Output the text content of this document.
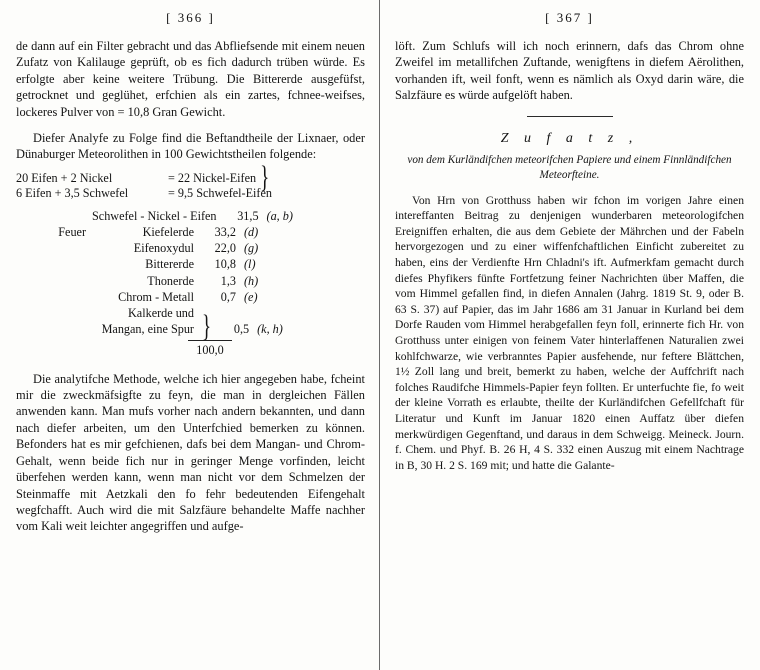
[ 366 ]

de dann auf ein Filter gebracht und das Abfliefsende mit einem neuen Zufatz von Kalilauge geprüft, ob es fich dadurch trüben würde. Es erfolgte aber keine weitere Trübung. Die Bittererde ausgefüfst, getrocknet und geglühet, erfchien als ein zartes, fchnee-weifses, lockeres Pulver von = 10,8 Gran Gewicht.

Diefer Analyfe zu Folge find die Beftandtheile der Lixnaer, oder Dünaburger Meteorolithen in 100 Gewichtstheilen folgende:

20 Eifen + 2 Nickel	= 22 Nickel-Eifen }
6 Eifen + 3,5 Schwefel	= 9,5 Schwefel-Eifen
Schwefel - Nickel - Eifen	31,5 (a, b)
Feuer	Kiefelerde	33,2 (d)
Eifenoxydul	22,0 (g)
Bittererde	10,8 (l)
Thonerde	1,3 (h)
Chrom - Metall	0,7 (e)
Kalkerde und
Mangan, eine Spur }	0,5 (k, h)
100,0

Die analytifche Methode, welche ich hier angegeben habe, fcheint mir die zweckmäfsigfte zu feyn, die man in dergleichen Fällen anwenden kann. Man mufs vorher nach andern bekannten, und dann nach diefer arbeiten, um den Unterfchied bemerken zu können. Befonders hat es mir gefchienen, dafs bei dem Mangan- und Chrom-Gehalt, wenn beide fich nur in geringer Menge vorfinden, leicht überfehen werden kann, wenn man nicht vor dem Schmelzen der Steinmaffe mit Aetzkali den fo fehr bedeutenden Eifengehalt wegfchafft. Auch wird die mit Salzfäure behandelte Maffe nachher vom Kali weit leichter angegriffen und aufge-

[ 367 ]

löft. Zum Schlufs will ich noch erinnern, dafs das Chrom ohne Zweifel im metallifchen Zuftande, wenigftens in diefem Aërolithen, vorhanden ift, weil fonft, wenn es nämlich als Oxyd darin wäre, die Salzfäure es würde aufgelöft haben.

Z u f a t z ,
von dem Kurländifchen meteorifchen Papiere und einem Finnländifchen Meteorfteine.

Von Hrn von Grotthuss haben wir fchon im vorigen Jahre einen intereffanten Beitrag zu denjenigen wunderbaren meteorologifchen Ereigniffen erhalten, die aus dem Gebiete der Mährchen und der Fabeln hervorgezogen und zu einer wiffenfchaftlichen Einficht zubereitet zu haben, eins der Verdienfte Hrn Chladni's ift. Aufmerkfam gemacht durch diefes Phyfikers fünfte Fortfetzung feiner Nachrichten über Maffen, die vom Himmel gefallen find, in diefen Annalen (Jahrg. 1819 St. 9, oder B. 63 S. 37) auf Papier, das im Jahr 1686 am 31 Januar in Kurland bei dem Dorfe Rauden vom Himmel herabgefallen feyn foll, erinnerte fich Hr. von Grotthuss unter einigen von feinem Vater hinterlaffenen Naturalien zwei kohlfchwarze, wie verbranntes Papier ausfehende, nur feftere Blättchen, 1½ Zoll lang und breit, bemerkt zu haben, welche der Auffchrift nach folches Raudifche Himmels-Papier feyn follten. Er unterfuchte fie, fo weit der kleine Vorrath es erlaubte, theilte der Kurländifchen Gefellfchaft für Literatur und Kunft im Januar 1820 einen Auffatz über diefen merkwürdigen Gegenftand, und daraus in dem Schweigg. Meineck. Journ. f. Chem. und Phyf. B. 26 H, 4 S. 332 einen Auszug mit einem Nachtrage in B, 30 H. 2 S. 169 mit; und hatte die Galante-
